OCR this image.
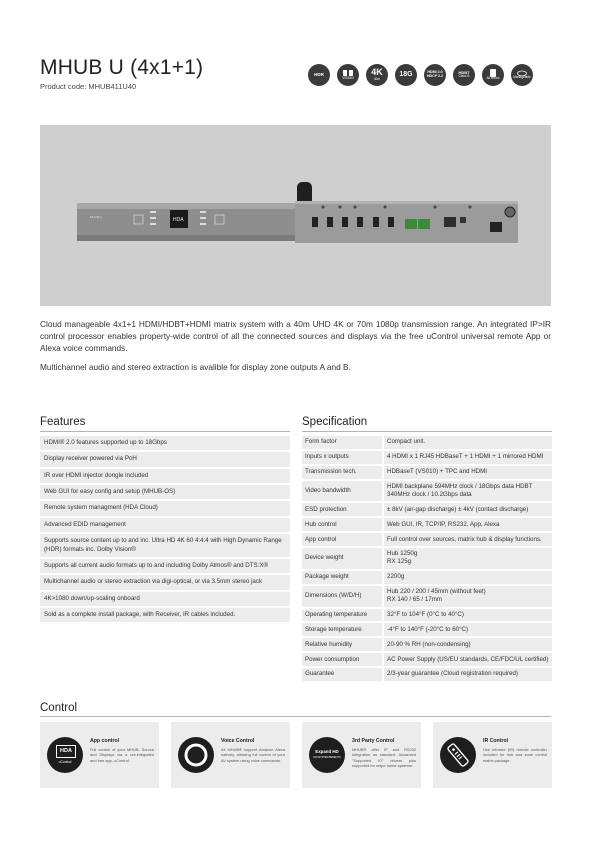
MHUB U (4x1+1)
Product code: MHUB411U40
HDR
VISION
4K
40m
18G	HDMI 2.0 HDCP 2.2
HDBT
Class B	All zones	Manageable
MHUB U	HDA
Cloud manageable 4x1+1 HDMI/HDBT+HDMI matrix system with a 40m UHD 4K or 70m 1080p transmission range. An integrated IP>IR control processor enables property-wide control of all the connected sources and displays via the free uControl universal remote App or Alexa voice commands.
Multichannel audio and stereo extraction is avalible for display zone outputs A and B.
Features	Specification
HDMI® 2.0 features supported up to 18Gbps
Display receiver powered via PoH
IR over HDMI injector dongle included
Web GUI for easy config and setup (MHUB-OS)
Remote system managment (HDA Cloud)
Advanced EDID management
Supports source content up to and inc. Ultra HD 4K 60 4:4:4 with High Dynamic Range (HDR) formats inc. Dolby Vision®
Supports all current audio formats up to and including Dolby Atmos® and DTS:X®
Multichannel audio or stereo extraction via digi-optical, or via 3.5mm stereo jack
4K>1080 down/up-scaling onboard
Sold as a complete install package, with Receiver, IR cables included.
Form factor	Compact unit.
Inputs x outputs	4 HDMI x 1 RJ45 HDBaseT + 1 HDMI + 1 mirrored HDMI
Transmission tech.	HDBaseT (VS010) + TPC and HDMI
Video bandwidth	HDMI backplane 594MHz clock / 18Gbps data HDBT 340MHz clock / 10.2Gbps data
ESD protection	± 8kV (air-gap discharge) ± 4kV (contact discharge)
Hub control	Web GUI, IR, TCP/IP, RS232, App, Alexa
App control	Full control over sources, matrix hub & display functions.
Device weight	Hub 1250g
RX 125g
Package weight	2200g
Dimensions (W/D/H)	Hub 220 / 200 / 45mm (without feet)
RX 140 / 65 / 17mm
Operating temperature	32°F to 104°F (0°C to 40°C)
Storage temperature	-4°F to 140°F (-20°C to 60°C)
Relative humidity	20-90 % RH (non-condensing)
Power consumption	AC Power Supply (US/EU standards, CE/FDC/UL certified)
Guarantee	2/3-year guarantee (Cloud registration required)
Control
HDA
uControl
App control
Full control of your MHUB, Source and Displays via a uni-integrated and free app, uControl.
Voice Control
All MHUB® support Amazon Alexa natively, allowing full control of your AV system using voice commands.
Expand HD
ECOSYSTEM BENEFITS
3rd Party Control
MHUB® offer IP and RS232 integration as standard. Advanced "Supported IO" drivers plus supported for major home systems.
IR Control
Use infrared (IR) remote controller included for hub and zone control matrix package.
